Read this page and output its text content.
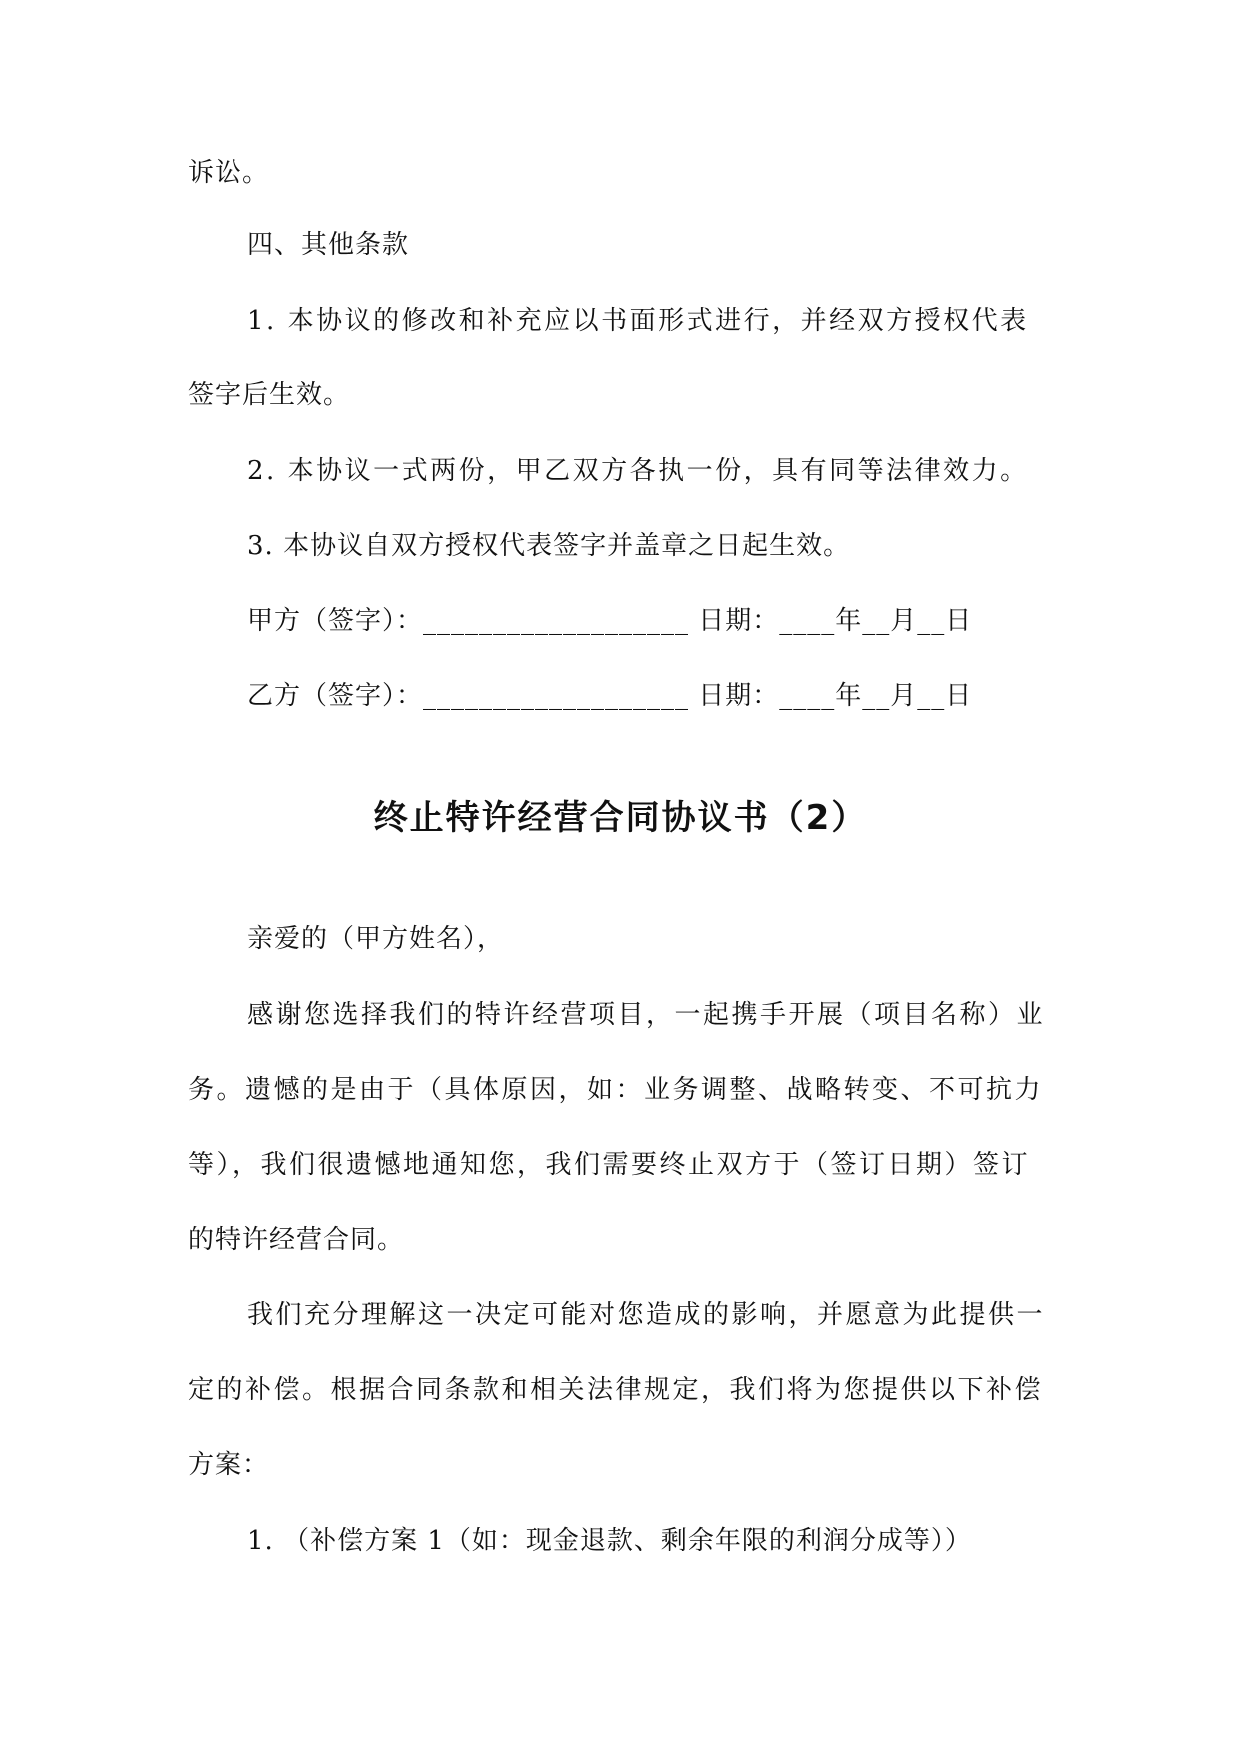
诉讼。
四、其他条款
1. 本协议的修改和补充应以书面形式进行，并经双方授权代表
签字后生效。
2. 本协议一式两份，甲乙双方各执一份，具有同等法律效力。
3. 本协议自双方授权代表签字并盖章之日起生效。
甲方（签字）：___________________ 日期：____年__月__日
乙方（签字）：___________________ 日期：____年__月__日
终止特许经营合同协议书（2）
亲爱的（甲方姓名），
感谢您选择我们的特许经营项目，一起携手开展（项目名称）业
务。遗憾的是由于（具体原因，如：业务调整、战略转变、不可抗力
等），我们很遗憾地通知您，我们需要终止双方于（签订日期）签订
的特许经营合同。
我们充分理解这一决定可能对您造成的影响，并愿意为此提供一
定的补偿。根据合同条款和相关法律规定，我们将为您提供以下补偿
方案：
1. （补偿方案 1（如：现金退款、剩余年限的利润分成等））
